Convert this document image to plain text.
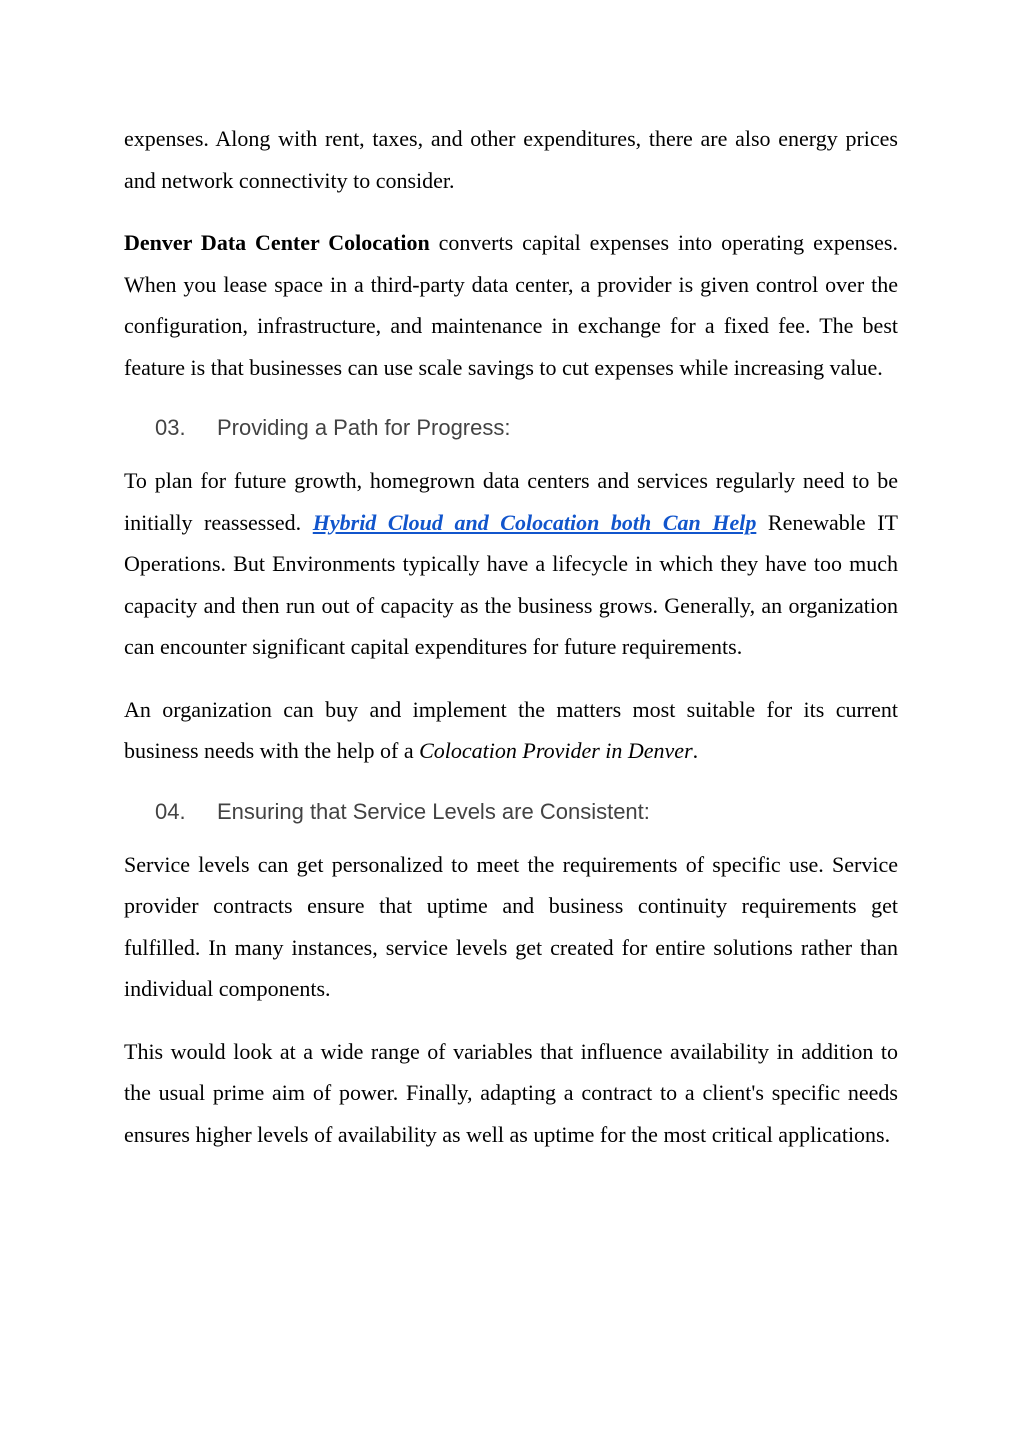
expenses. Along with rent, taxes, and other expenditures, there are also energy prices and network connectivity to consider.

Denver Data Center Colocation converts capital expenses into operating expenses. When you lease space in a third-party data center, a provider is given control over the configuration, infrastructure, and maintenance in exchange for a fixed fee. The best feature is that businesses can use scale savings to cut expenses while increasing value.

03.	Providing a Path for Progress:

To plan for future growth, homegrown data centers and services regularly need to be initially reassessed. Hybrid Cloud and Colocation both Can Help Renewable IT Operations. But Environments typically have a lifecycle in which they have too much capacity and then run out of capacity as the business grows. Generally, an organization can encounter significant capital expenditures for future requirements.

An organization can buy and implement the matters most suitable for its current business needs with the help of a Colocation Provider in Denver.

04.	Ensuring that Service Levels are Consistent:

Service levels can get personalized to meet the requirements of specific use. Service provider contracts ensure that uptime and business continuity requirements get fulfilled. In many instances, service levels get created for entire solutions rather than individual components.

This would look at a wide range of variables that influence availability in addition to the usual prime aim of power. Finally, adapting a contract to a client's specific needs ensures higher levels of availability as well as uptime for the most critical applications.
